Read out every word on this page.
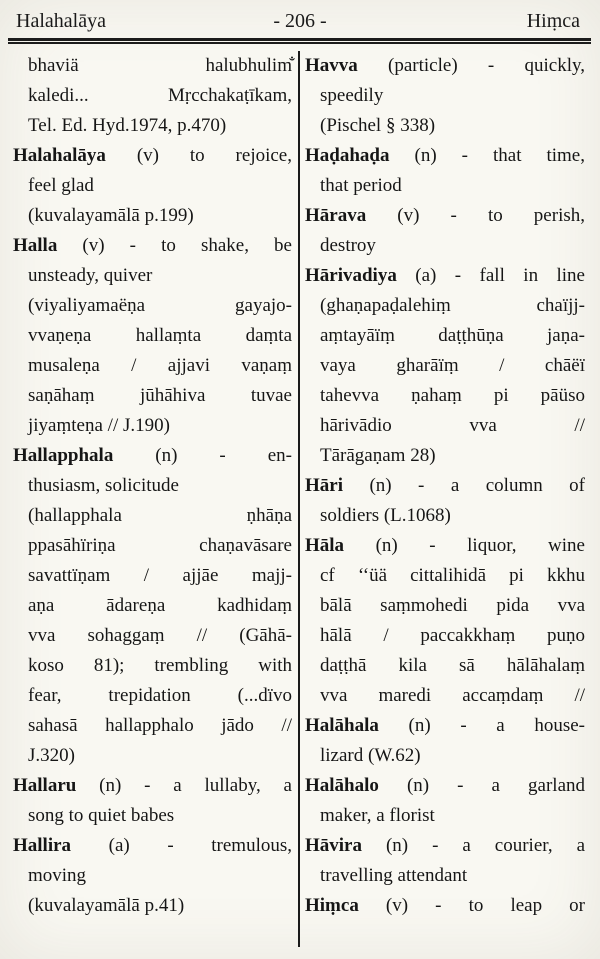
Halahalāya	- 206 -	Hiṃca
bhaviä halubhulim̐
kaledi... Mṛcchakaṭīkam,
Tel. Ed. Hyd.1974, p.470)
Halahalāya (v) to rejoice,
feel glad
(kuvalayamālā p.199)
Halla (v) - to shake, be
unsteady, quiver
(viyaliyamaëṇa gayajo-
vvaṇeṇa hallaṃta daṃta
musaleṇa / ajjavi vaṇaṃ
saṇāhaṃ jūhāhiva tuvae
jiyaṃteṇa // J.190)
Hallapphala (n) - en-
thusiasm, solicitude
(hallapphala ṇhāṇa
ppasāhïriṇa chaṇavāsare
savattïṇam / ajjāe majj-
aṇa ādareṇa kadhidaṃ
vva sohaggaṃ // (Gāhā-
koso 81); trembling with
fear, trepidation (...dïvo
sahasā hallapphalo jādo //
J.320)
Hallaru (n) - a lullaby, a
song to quiet babes
Hallira (a) - tremulous,
moving
(kuvalayamālā p.41)
Havva (particle) - quickly,
speedily
(Pischel § 338)
Haḍahaḍa (n) - that time,
that period
Hārava (v) - to perish,
destroy
Hārivadiya (a) - fall in line
(ghaṇapaḍalehiṃ chaïjj-
aṃtayāïṃ daṭṭhūṇa jaṇa-
vaya gharāïṃ / chāëï
tahevva ṇahaṃ pi pāüso
hārivādio vva //
Tārāgaṇam 28)
Hāri (n) - a column of
soldiers (L.1068)
Hāla (n) - liquor, wine
cf ‘‘üä cittalihidā pi kkhu
bālā saṃmohedi pida vva
hālā / paccakkhaṃ puṇo
daṭṭhā kila sā hālāhalaṃ
vva maredi accaṃdaṃ //
Halāhala (n) - a house-
lizard (W.62)
Halāhalo (n) - a garland
maker, a florist
Hāvira (n) - a courier, a
travelling attendant
Hiṃca (v) - to leap or
